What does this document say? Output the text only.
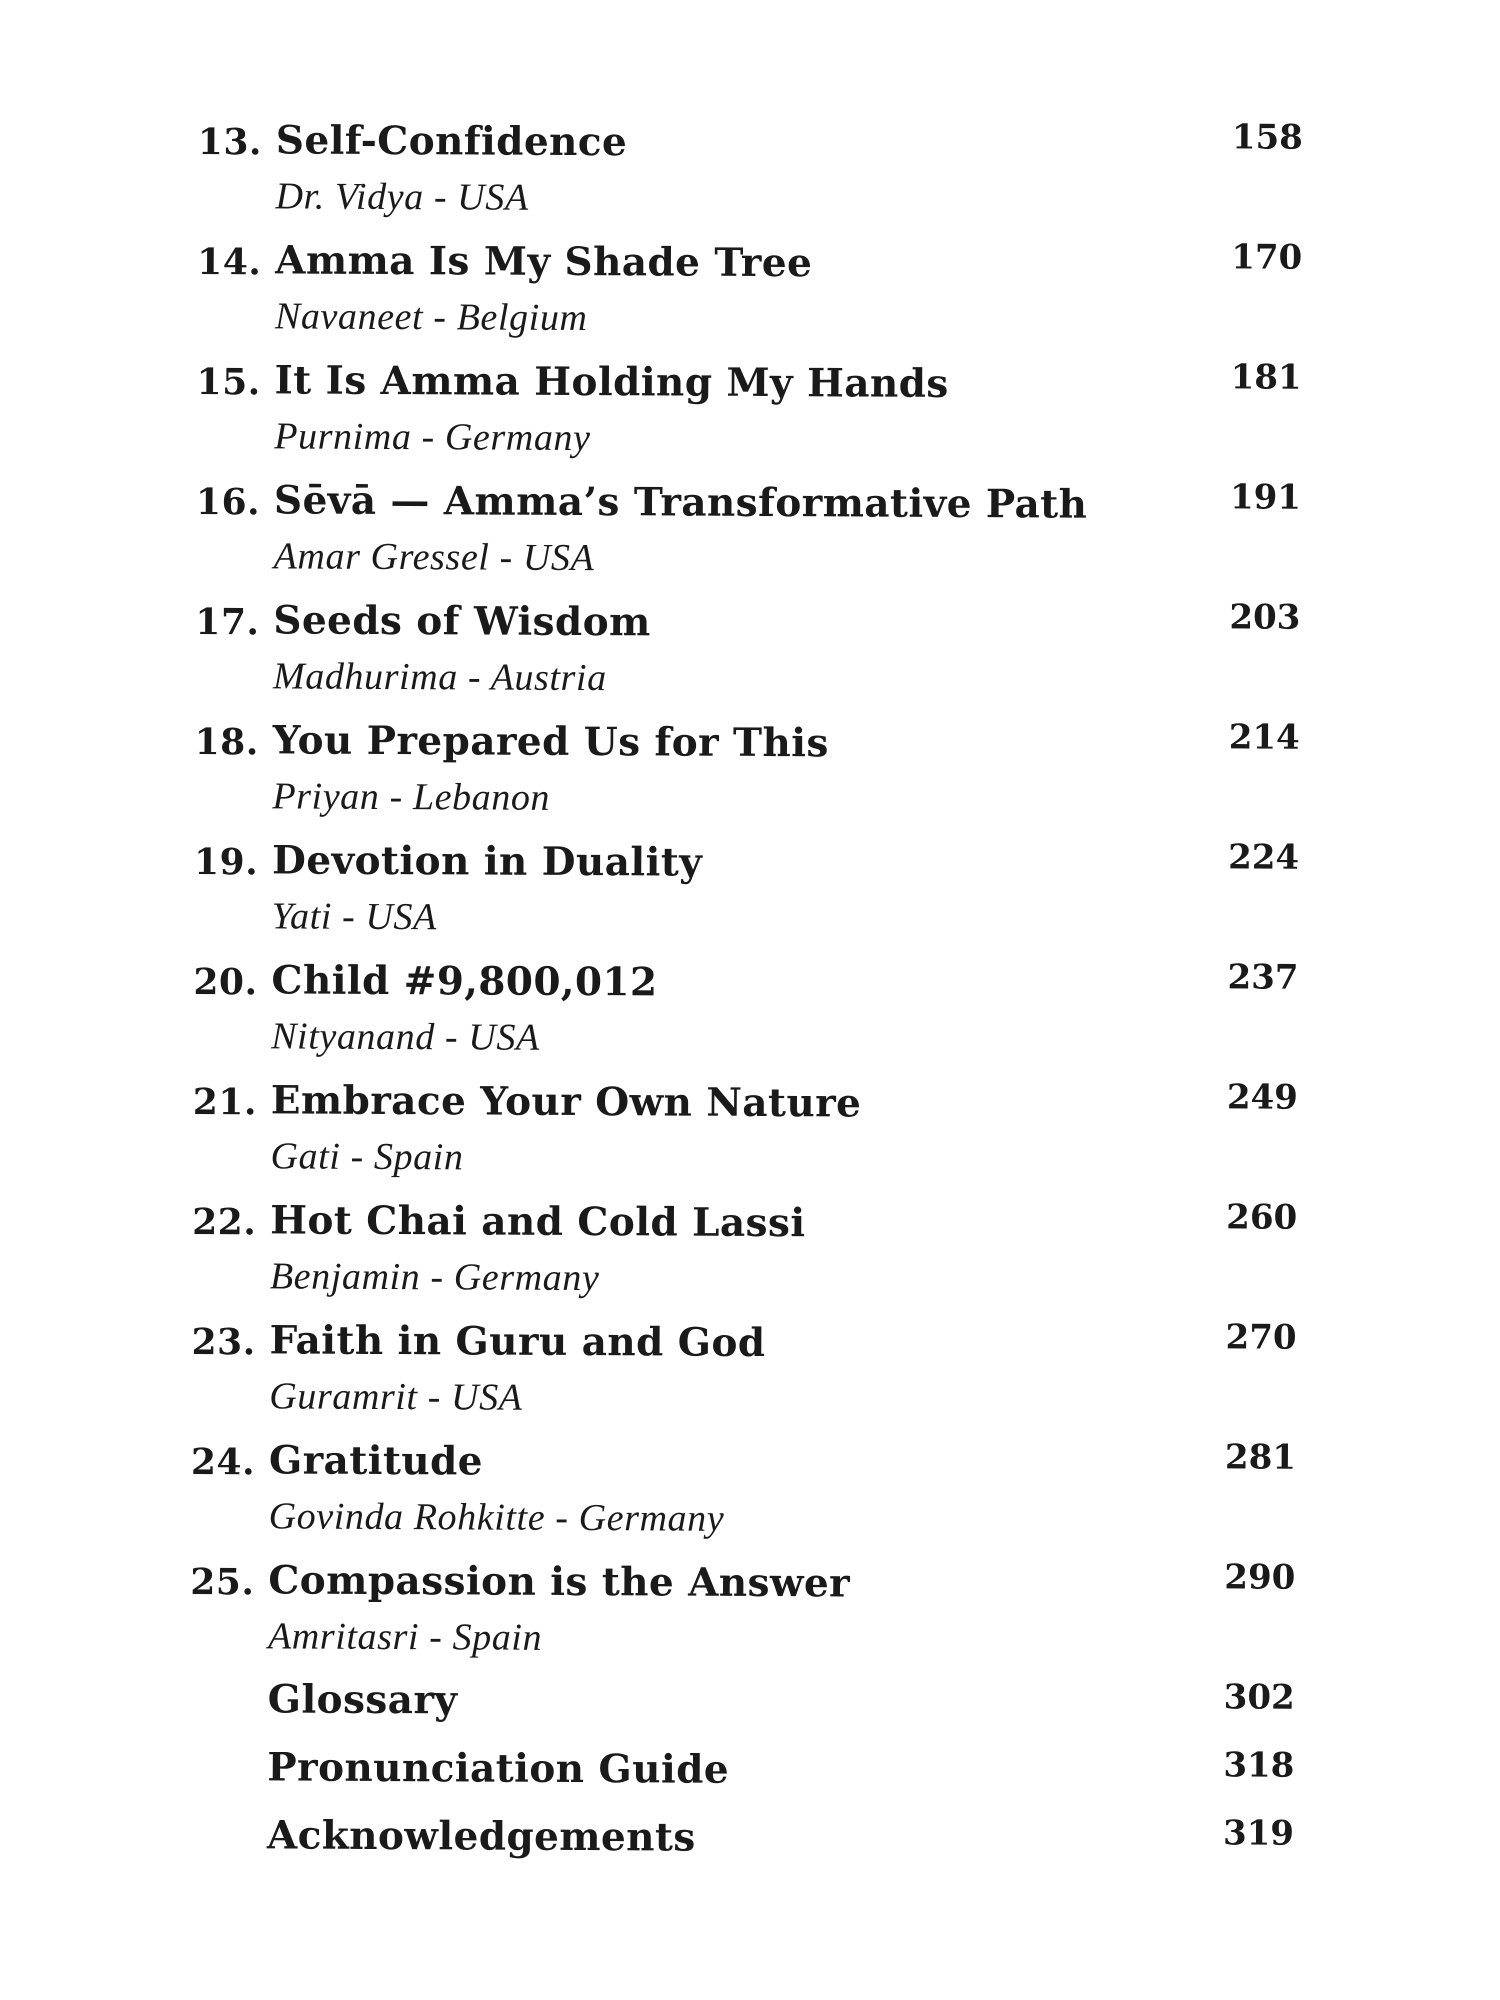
13. Self-Confidence
Dr. Vidya - USA
158
14. Amma Is My Shade Tree
Navaneet - Belgium
170
15. It Is Amma Holding My Hands
Purnima - Germany
181
16. Sēvā — Amma’s Transformative Path
Amar Gressel - USA
191
17. Seeds of Wisdom
Madhurima - Austria
203
18. You Prepared Us for This
Priyan - Lebanon
214
19. Devotion in Duality
Yati - USA
224
20. Child #9,800,012
Nityanand - USA
237
21. Embrace Your Own Nature
Gati - Spain
249
22. Hot Chai and Cold Lassi
Benjamin - Germany
260
23. Faith in Guru and God
Guramrit - USA
270
24. Gratitude
Govinda Rohkitte - Germany
281
25. Compassion is the Answer
Amritasri - Spain
290
Glossary	302
Pronunciation Guide	318
Acknowledgements	319
